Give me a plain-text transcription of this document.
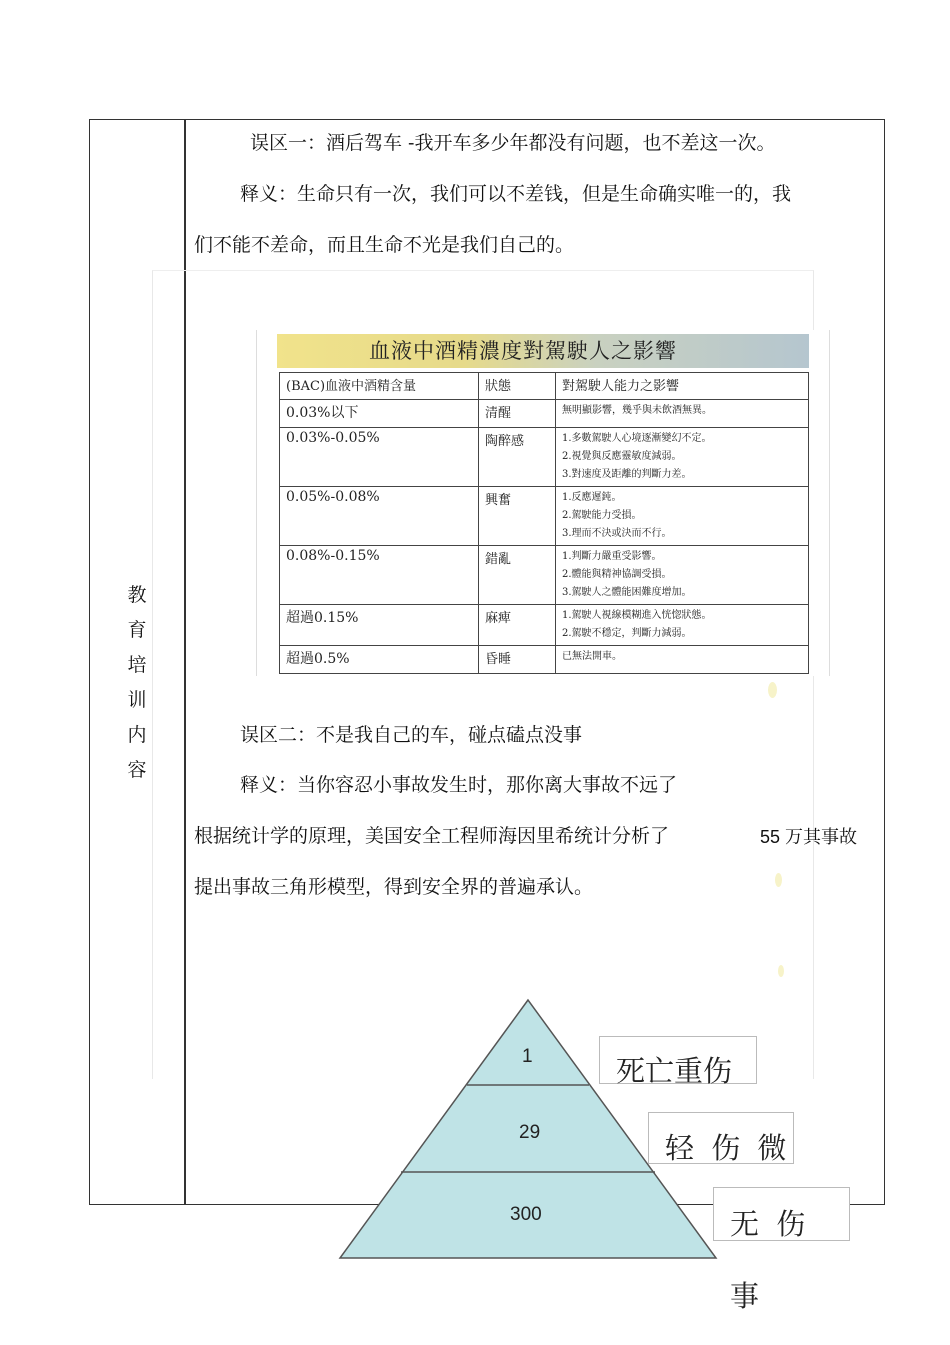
教
育
培
训
内
容
误区一：酒后驾车 -我开车多少年都没有问题，也不差这一次。
释义：生命只有一次，我们可以不差钱，但是生命确实唯一的，我
们不能不差命，而且生命不光是我们自己的。
血液中酒精濃度對駕駛人之影響
(BAC)血液中酒精含量	狀態	對駕駛人能力之影響
0.03%以下	清醒	無明顯影響，幾乎與未飲酒無異。

0.03%-0.05%	陶醉感	1.多數駕駛人心境逐漸變幻不定。
2.視覺與反應靈敏度減弱。
3.對速度及距離的判斷力差。

0.05%-0.08%	興奮	1.反應遲鈍。
2.駕駛能力受損。
3.理而不決或決而不行。

0.08%-0.15%	錯亂	1.判斷力嚴重受影響。
2.體能與精神協調受損。
3.駕駛人之體能困難度增加。

超過0.15%	麻痺	1.駕駛人視線模糊進入恍惚狀態。
2.駕駛不穩定，判斷力減弱。

超過0.5%	昏睡	已無法開車。
误区二：不是我自己的车，碰点磕点没事
释义：当你容忍小事故发生时，那你离大事故不远了
根据统计学的原理，美国安全工程师海因里希统计分析了	55 万其事故
提出事故三角形模型，得到安全界的普遍承认。
1
29
300
死亡重伤
轻 伤 微
无 伤 事
